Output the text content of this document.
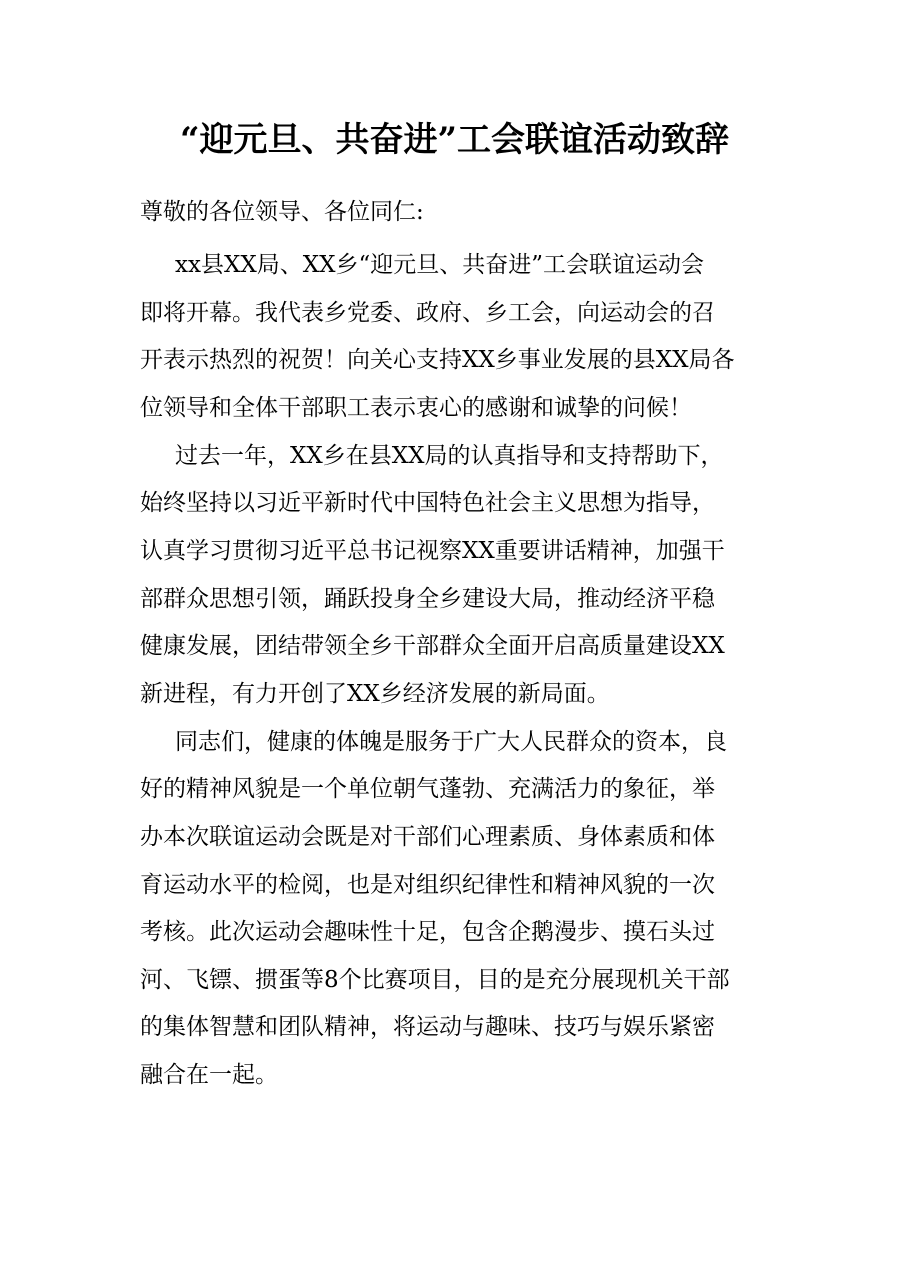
“迎元旦、共奋进”工会联谊活动致辞
尊敬的各位领导、各位同仁:
xx县XX局、XX乡“迎元旦、共奋进”工会联谊运动会
即将开幕。我代表乡党委、政府、乡工会，向运动会的召
开表示热烈的祝贺！向关心支持XX乡事业发展的县XX局各
位领导和全体干部职工表示衷心的感谢和诚挚的问候！
过去一年，XX乡在县XX局的认真指导和支持帮助下，
始终坚持以习近平新时代中国特色社会主义思想为指导，
认真学习贯彻习近平总书记视察XX重要讲话精神，加强干
部群众思想引领，踊跃投身全乡建设大局，推动经济平稳
健康发展，团结带领全乡干部群众全面开启高质量建设XX
新进程，有力开创了XX乡经济发展的新局面。
同志们，健康的体魄是服务于广大人民群众的资本，良
好的精神风貌是一个单位朝气蓬勃、充满活力的象征，举
办本次联谊运动会既是对干部们心理素质、身体素质和体
育运动水平的检阅，也是对组织纪律性和精神风貌的一次
考核。此次运动会趣味性十足，包含企鹅漫步、摸石头过
河、飞镖、掼蛋等8个比赛项目，目的是充分展现机关干部
的集体智慧和团队精神，将运动与趣味、技巧与娱乐紧密
融合在一起。
